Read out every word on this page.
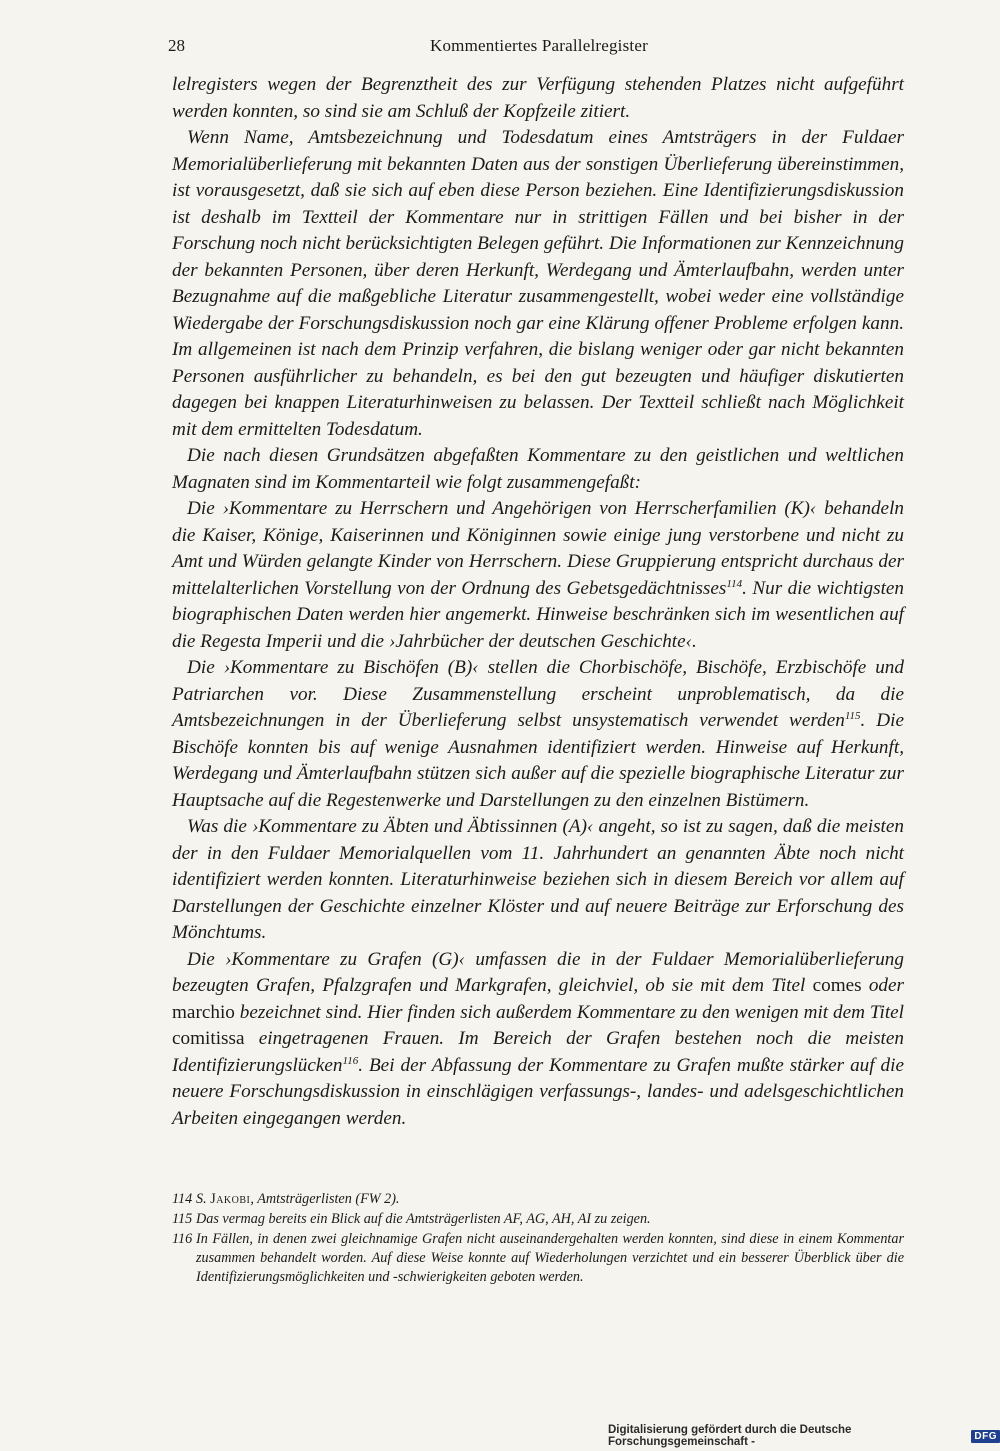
28	Kommentiertes Parallelregister

lelregisters wegen der Begrenztheit des zur Verfügung stehenden Platzes nicht aufgeführt werden konnten, so sind sie am Schluß der Kopfzeile zitiert.

Wenn Name, Amtsbezeichnung und Todesdatum eines Amtsträgers in der Fuldaer Memorialüberlieferung mit bekannten Daten aus der sonstigen Überlieferung übereinstimmen, ist vorausgesetzt, daß sie sich auf eben diese Person beziehen. Eine Identifizierungsdiskussion ist deshalb im Textteil der Kommentare nur in strittigen Fällen und bei bisher in der Forschung noch nicht berücksichtigten Belegen geführt. Die Informationen zur Kennzeichnung der bekannten Personen, über deren Herkunft, Werdegang und Ämterlaufbahn, werden unter Bezugnahme auf die maßgebliche Literatur zusammengestellt, wobei weder eine vollständige Wiedergabe der Forschungsdiskussion noch gar eine Klärung offener Probleme erfolgen kann. Im allgemeinen ist nach dem Prinzip verfahren, die bislang weniger oder gar nicht bekannten Personen ausführlicher zu behandeln, es bei den gut bezeugten und häufiger diskutierten dagegen bei knappen Literaturhinweisen zu belassen. Der Textteil schließt nach Möglichkeit mit dem ermittelten Todesdatum.

Die nach diesen Grundsätzen abgefaßten Kommentare zu den geistlichen und weltlichen Magnaten sind im Kommentarteil wie folgt zusammengefaßt:

Die ›Kommentare zu Herrschern und Angehörigen von Herrscherfamilien (K)‹ behandeln die Kaiser, Könige, Kaiserinnen und Königinnen sowie einige jung verstorbene und nicht zu Amt und Würden gelangte Kinder von Herrschern. Diese Gruppierung entspricht durchaus der mittelalterlichen Vorstellung von der Ordnung des Gebetsgedächtnisses$^{114}$. Nur die wichtigsten biographischen Daten werden hier angemerkt. Hinweise beschränken sich im wesentlichen auf die Regesta Imperii und die ›Jahrbücher der deutschen Geschichte‹.

Die ›Kommentare zu Bischöfen (B)‹ stellen die Chorbischöfe, Bischöfe, Erzbischöfe und Patriarchen vor. Diese Zusammenstellung erscheint unproblematisch, da die Amtsbezeichnungen in der Überlieferung selbst unsystematisch verwendet werden$^{115}$. Die Bischöfe konnten bis auf wenige Ausnahmen identifiziert werden. Hinweise auf Herkunft, Werdegang und Ämterlaufbahn stützen sich außer auf die spezielle biographische Literatur zur Hauptsache auf die Regestenwerke und Darstellungen zu den einzelnen Bistümern.

Was die ›Kommentare zu Äbten und Äbtissinnen (A)‹ angeht, so ist zu sagen, daß die meisten der in den Fuldaer Memorialquellen vom 11. Jahrhundert an genannten Äbte noch nicht identifiziert werden konnten. Literaturhinweise beziehen sich in diesem Bereich vor allem auf Darstellungen der Geschichte einzelner Klöster und auf neuere Beiträge zur Erforschung des Mönchtums.

Die ›Kommentare zu Grafen (G)‹ umfassen die in der Fuldaer Memorialüberlieferung bezeugten Grafen, Pfalzgrafen und Markgrafen, gleichviel, ob sie mit dem Titel comes oder marchio bezeichnet sind. Hier finden sich außerdem Kommentare zu den wenigen mit dem Titel comitissa eingetragenen Frauen. Im Bereich der Grafen bestehen noch die meisten Identifizierungslücken$^{116}$. Bei der Abfassung der Kommentare zu Grafen mußte stärker auf die neuere Forschungsdiskussion in einschlägigen verfassungs-, landes- und adelsgeschichtlichen Arbeiten eingegangen werden.

114 S. Jakobi, Amtsträgerlisten (FW 2).
115 Das vermag bereits ein Blick auf die Amtsträgerlisten AF, AG, AH, AI zu zeigen.
116 In Fällen, in denen zwei gleichnamige Grafen nicht auseinandergehalten werden konnten, sind diese in einem Kommentar zusammen behandelt worden. Auf diese Weise konnte auf Wiederholungen verzichtet und ein besserer Überblick über die Identifizierungsmöglichkeiten und -schwierigkeiten geboten werden.
Digitalisierung gefördert durch die Deutsche Forschungsgemeinschaft -	DFG
